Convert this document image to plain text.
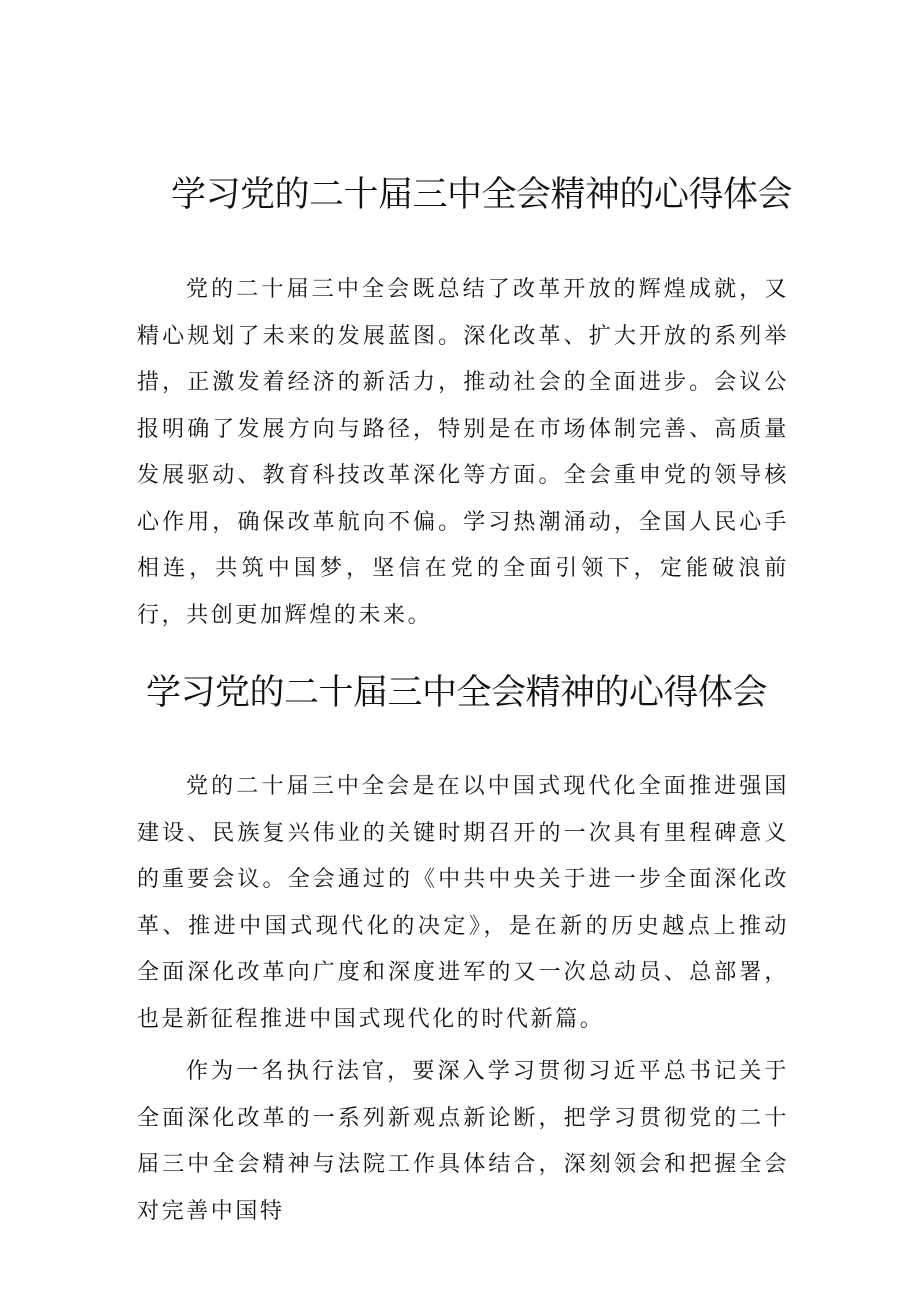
学习党的二十届三中全会精神的心得体会

党的二十届三中全会既总结了改革开放的辉煌成就，又精心规划了未来的发展蓝图。深化改革、扩大开放的系列举措，正激发着经济的新活力，推动社会的全面进步。会议公报明确了发展方向与路径，特别是在市场体制完善、高质量发展驱动、教育科技改革深化等方面。全会重申党的领导核心作用，确保改革航向不偏。学习热潮涌动，全国人民心手相连，共筑中国梦，坚信在党的全面引领下，定能破浪前行，共创更加辉煌的未来。

学习党的二十届三中全会精神的心得体会

党的二十届三中全会是在以中国式现代化全面推进强国建设、民族复兴伟业的关键时期召开的一次具有里程碑意义的重要会议。全会通过的《中共中央关于进一步全面深化改革、推进中国式现代化的决定》，是在新的历史越点上推动全面深化改革向广度和深度进军的又一次总动员、总部署，也是新征程推进中国式现代化的时代新篇。

作为一名执行法官，要深入学习贯彻习近平总书记关于全面深化改革的一系列新观点新论断，把学习贯彻党的二十届三中全会精神与法院工作具体结合，深刻领会和把握全会对完善中国特
